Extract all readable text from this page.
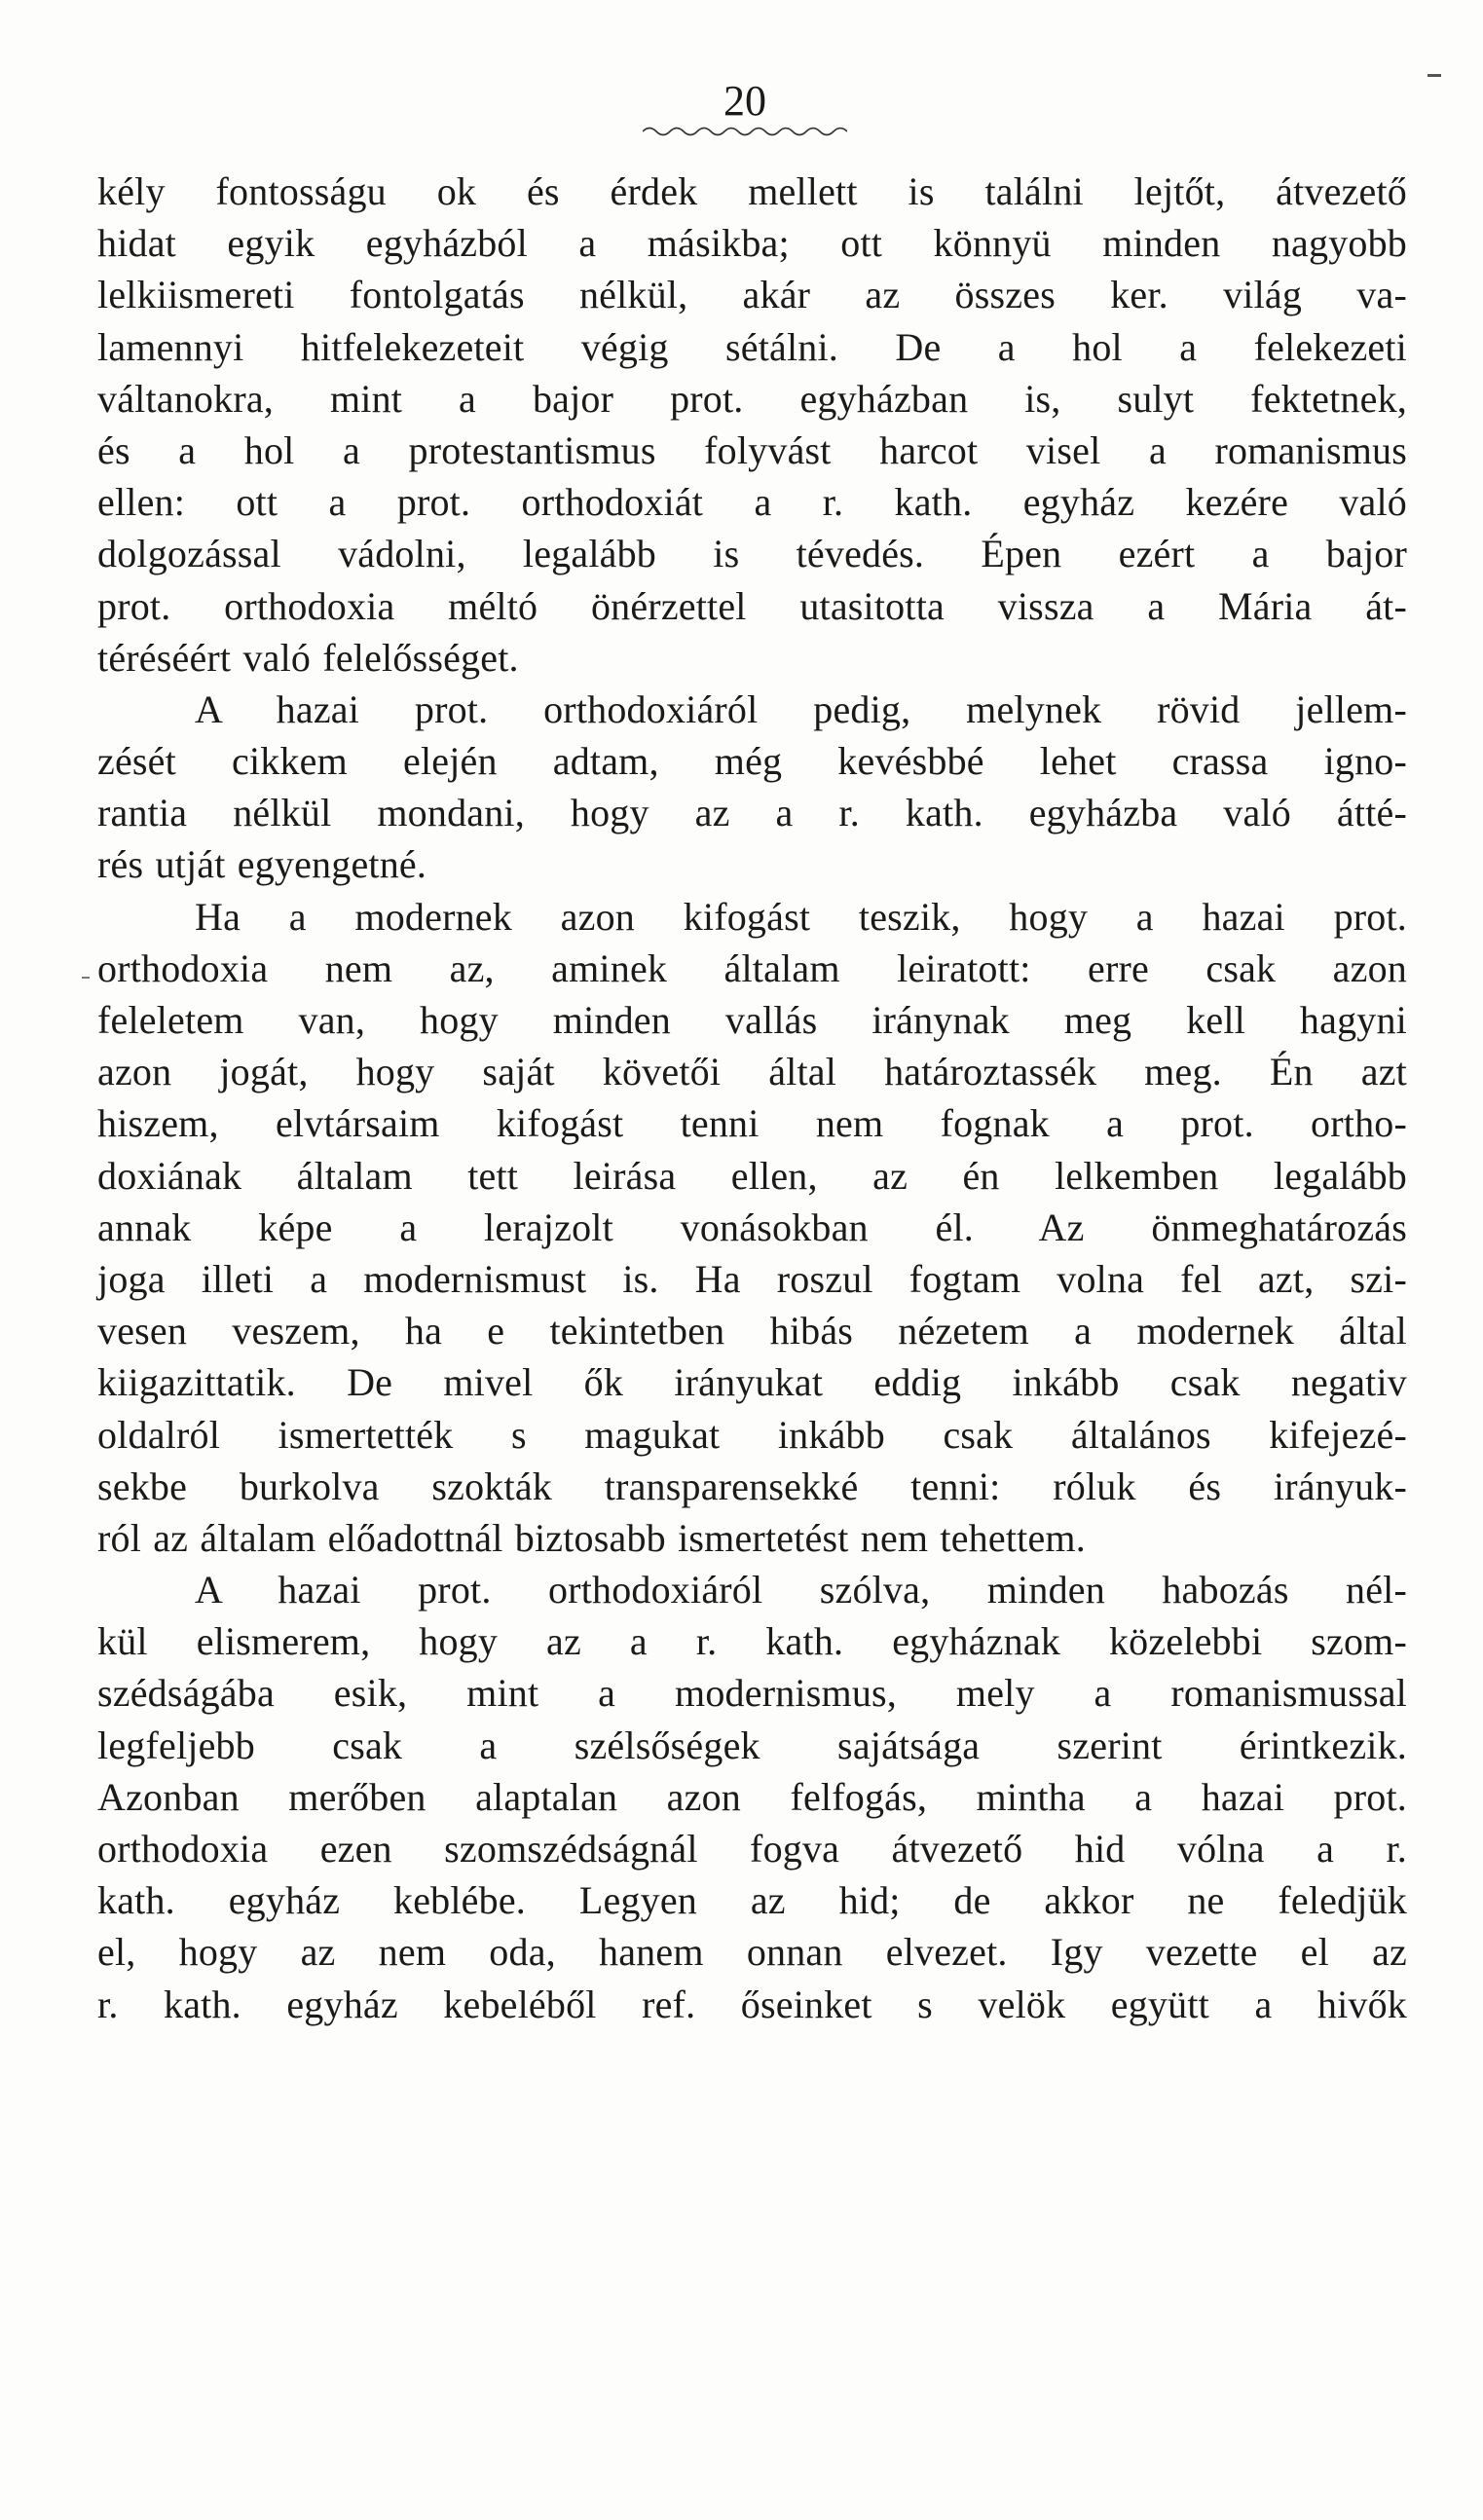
20
kély fontosságu ok és érdek mellett is találni lejtőt, átvezető
hidat egyik egyházból a másikba; ott könnyü minden nagyobb
lelkiismereti fontolgatás nélkül, akár az összes ker. világ va-
lamennyi hitfelekezeteit végig sétálni. De a hol a felekezeti
váltanokra, mint a bajor prot. egyházban is, sulyt fektetnek,
és a hol a protestantismus folyvást harcot visel a romanismus
ellen: ott a prot. orthodoxiát a r. kath. egyház kezére való
dolgozással vádolni, legalább is tévedés. Épen ezért a bajor
prot. orthodoxia méltó önérzettel utasitotta vissza a Mária át-
téréséért való felelősséget.
A hazai prot. orthodoxiáról pedig, melynek rövid jellem-
zését cikkem elején adtam, még kevésbbé lehet crassa igno-
rantia nélkül mondani, hogy az a r. kath. egyházba való átté-
rés utját egyengetné.
Ha a modernek azon kifogást teszik, hogy a hazai prot.
orthodoxia nem az, aminek általam leiratott: erre csak azon
feleletem van, hogy minden vallás iránynak meg kell hagyni
azon jogát, hogy saját követői által határoztassék meg. Én azt
hiszem, elvtársaim kifogást tenni nem fognak a prot. ortho-
doxiának általam tett leirása ellen, az én lelkemben legalább
annak képe a lerajzolt vonásokban él. Az önmeghatározás
joga illeti a modernismust is. Ha roszul fogtam volna fel azt, szi-
vesen veszem, ha e tekintetben hibás nézetem a modernek által
kiigazittatik. De mivel ők irányukat eddig inkább csak negativ
oldalról ismertették s magukat inkább csak általános kifejezé-
sekbe burkolva szokták transparensekké tenni: róluk és irányuk-
ról az általam előadottnál biztosabb ismertetést nem tehettem.
A hazai prot. orthodoxiáról szólva, minden habozás nél-
kül elismerem, hogy az a r. kath. egyháznak közelebbi szom-
szédságába esik, mint a modernismus, mely a romanismussal
legfeljebb csak a szélsőségek sajátsága szerint érintkezik.
Azonban merőben alaptalan azon felfogás, mintha a hazai prot.
orthodoxia ezen szomszédságnál fogva átvezető hid vólna a r.
kath. egyház keblébe. Legyen az hid; de akkor ne feledjük
el, hogy az nem oda, hanem onnan elvezet. Igy vezette el az
r. kath. egyház kebeléből ref. őseinket s velök együtt a hivők
